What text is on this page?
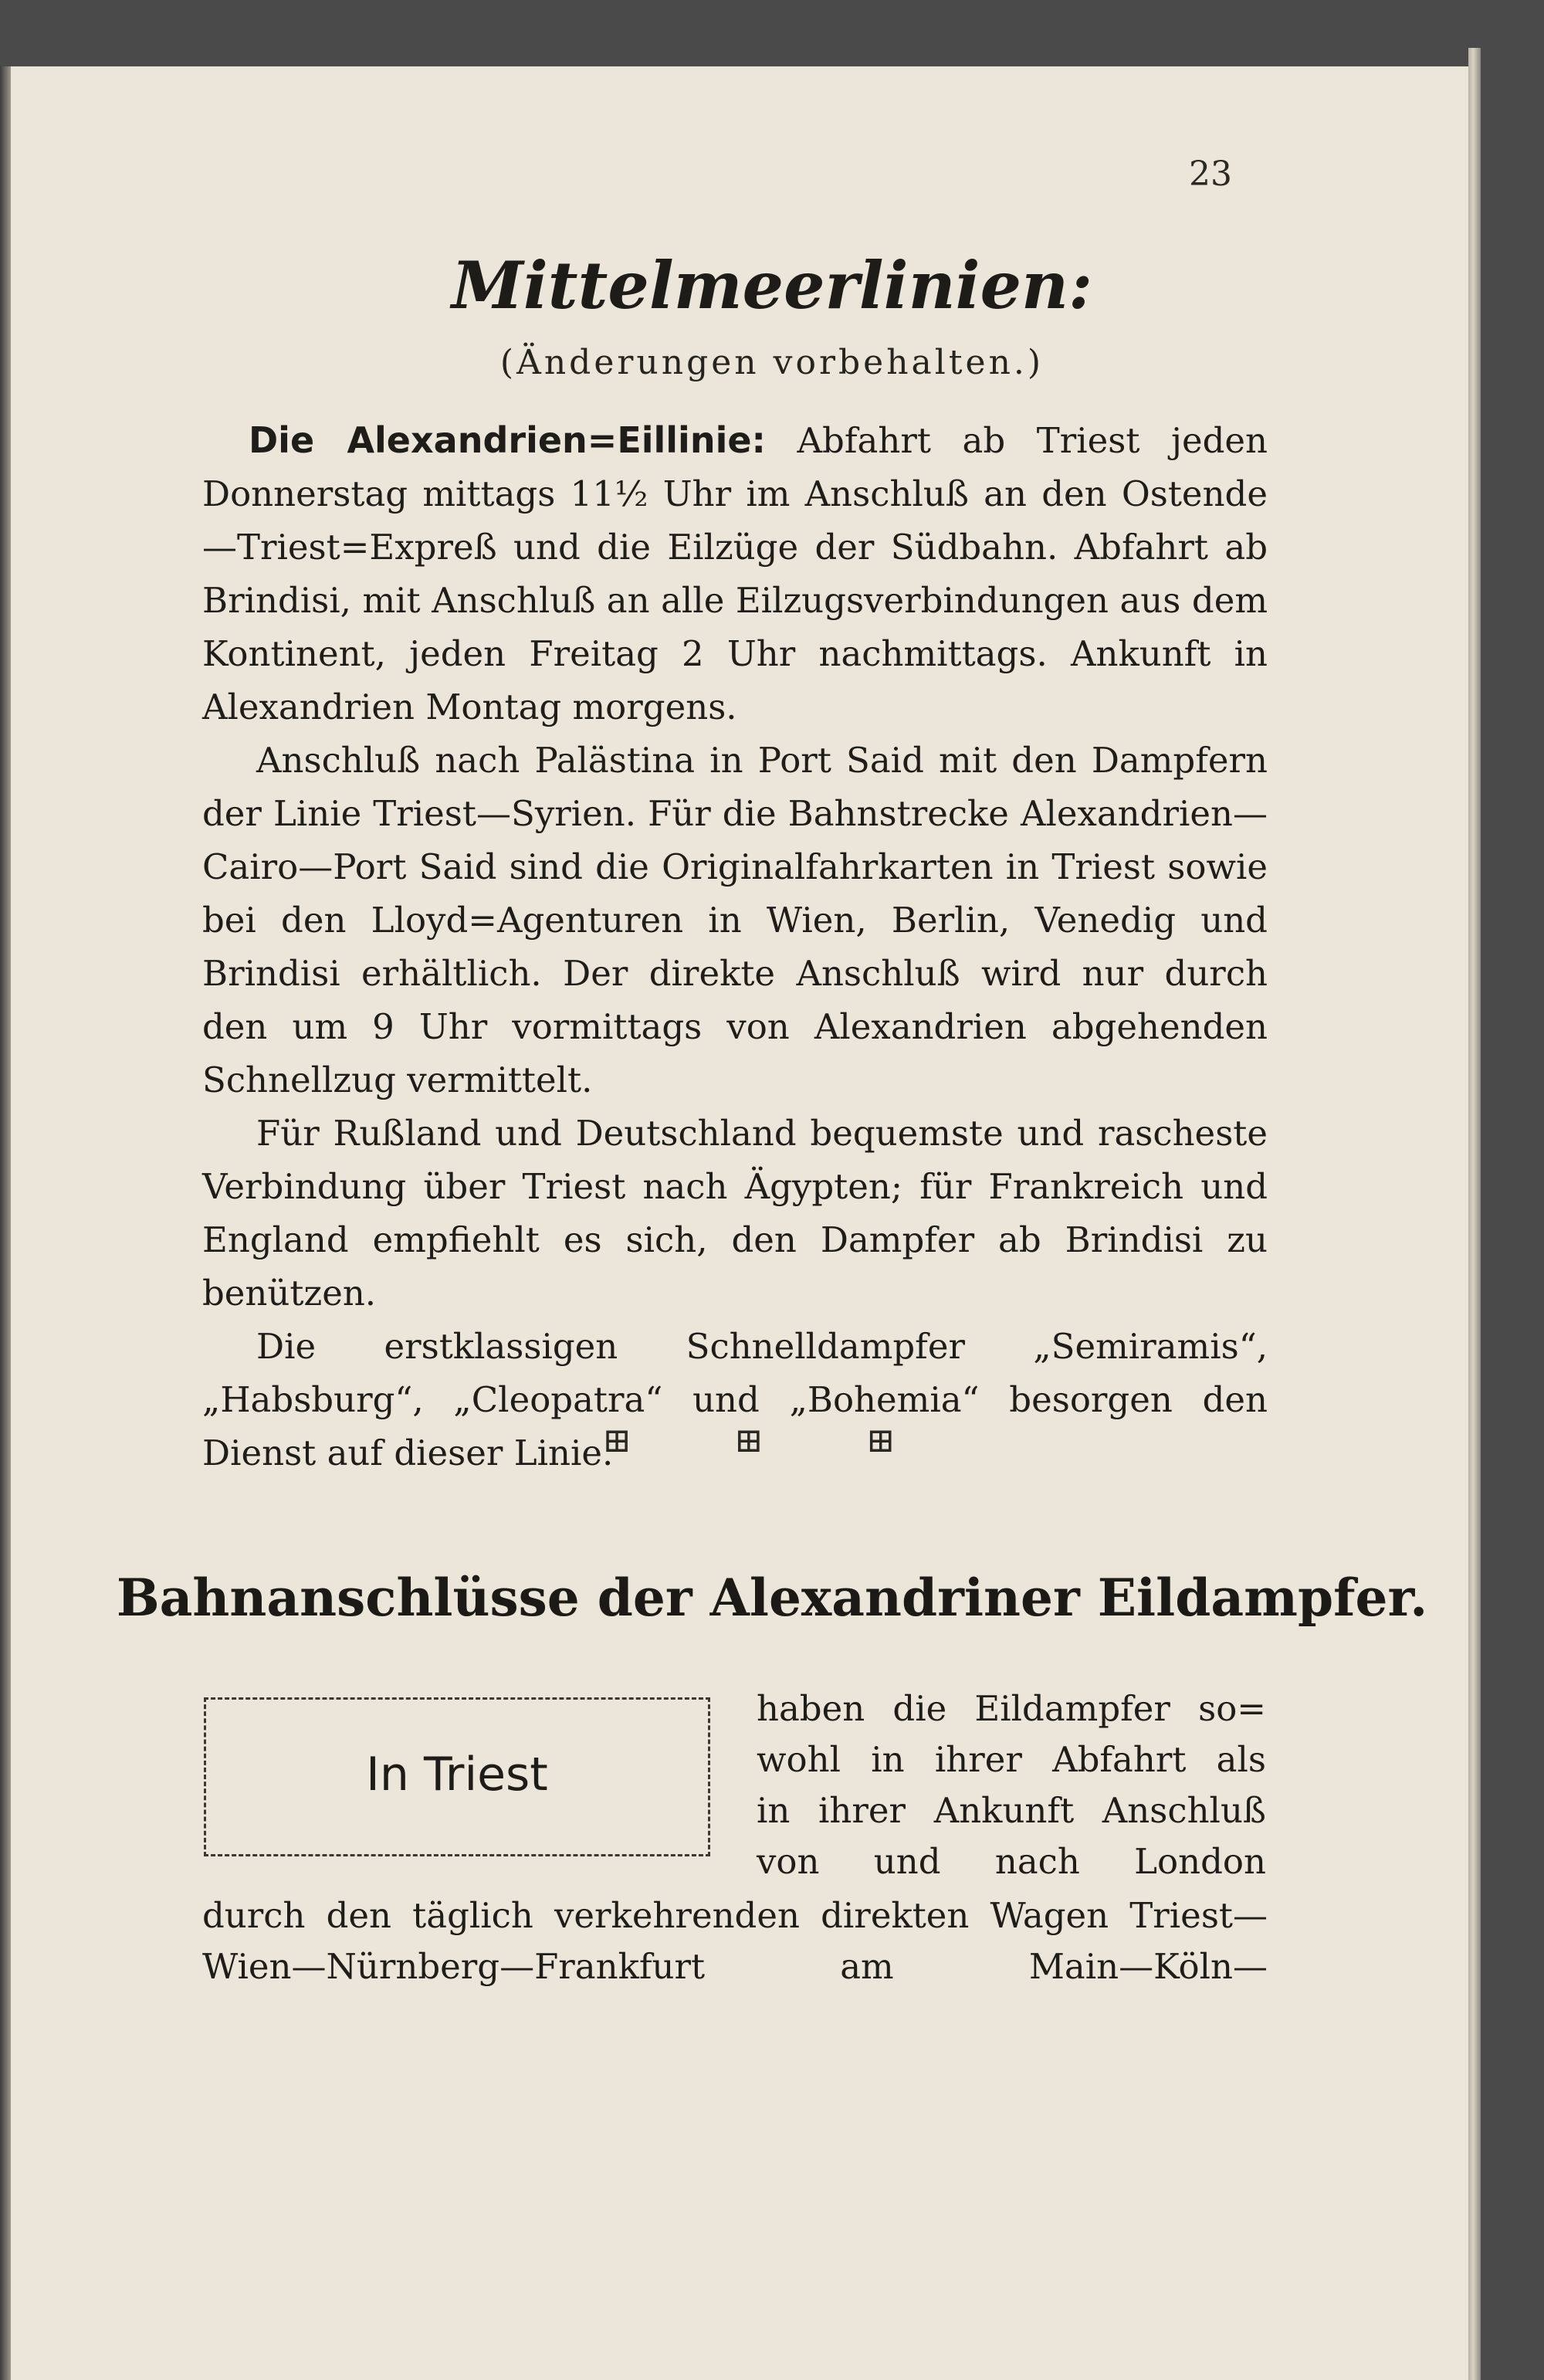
23
Mittelmeerlinien:
(Änderungen vorbehalten.)

Die Alexandrien=Eillinie: Abfahrt ab Triest jeden Donnerstag mittags 11½ Uhr im Anschluß an den Ostende—Triest=Expreß und die Eilzüge der Südbahn. Abfahrt ab Brindisi, mit Anschluß an alle Eilzugsverbindungen aus dem Kontinent, jeden Freitag 2 Uhr nachmittags. Ankunft in Alexandrien Montag morgens.

Anschluß nach Palästina in Port Said mit den Dampfern der Linie Triest—Syrien. Für die Bahnstrecke Alexandrien—Cairo—Port Said sind die Originalfahrkarten in Triest sowie bei den Lloyd=Agenturen in Wien, Berlin, Venedig und Brindisi erhältlich. Der direkte Anschluß wird nur durch den um 9 Uhr vormittags von Alexandrien abgehenden Schnellzug vermittelt.

Für Rußland und Deutschland bequemste und rascheste Verbindung über Triest nach Ägypten; für Frankreich und England empfiehlt es sich, den Dampfer ab Brindisi zu benützen.

Die erstklassigen Schnelldampfer „Semiramis“, „Habsburg“, „Cleopatra“ und „Bohemia“ besorgen den Dienst auf dieser Linie.

⊞ ⊞ ⊞
Bahnanschlüsse der Alexandriner Eildampfer.
In Triest
haben die Eildampfer so=
wohl in ihrer Abfahrt als
in ihrer Ankunft Anschluß
von und nach London
durch den täglich verkehrenden direkten Wagen Triest—
Wien—Nürnberg—Frankfurt am Main—Köln—
